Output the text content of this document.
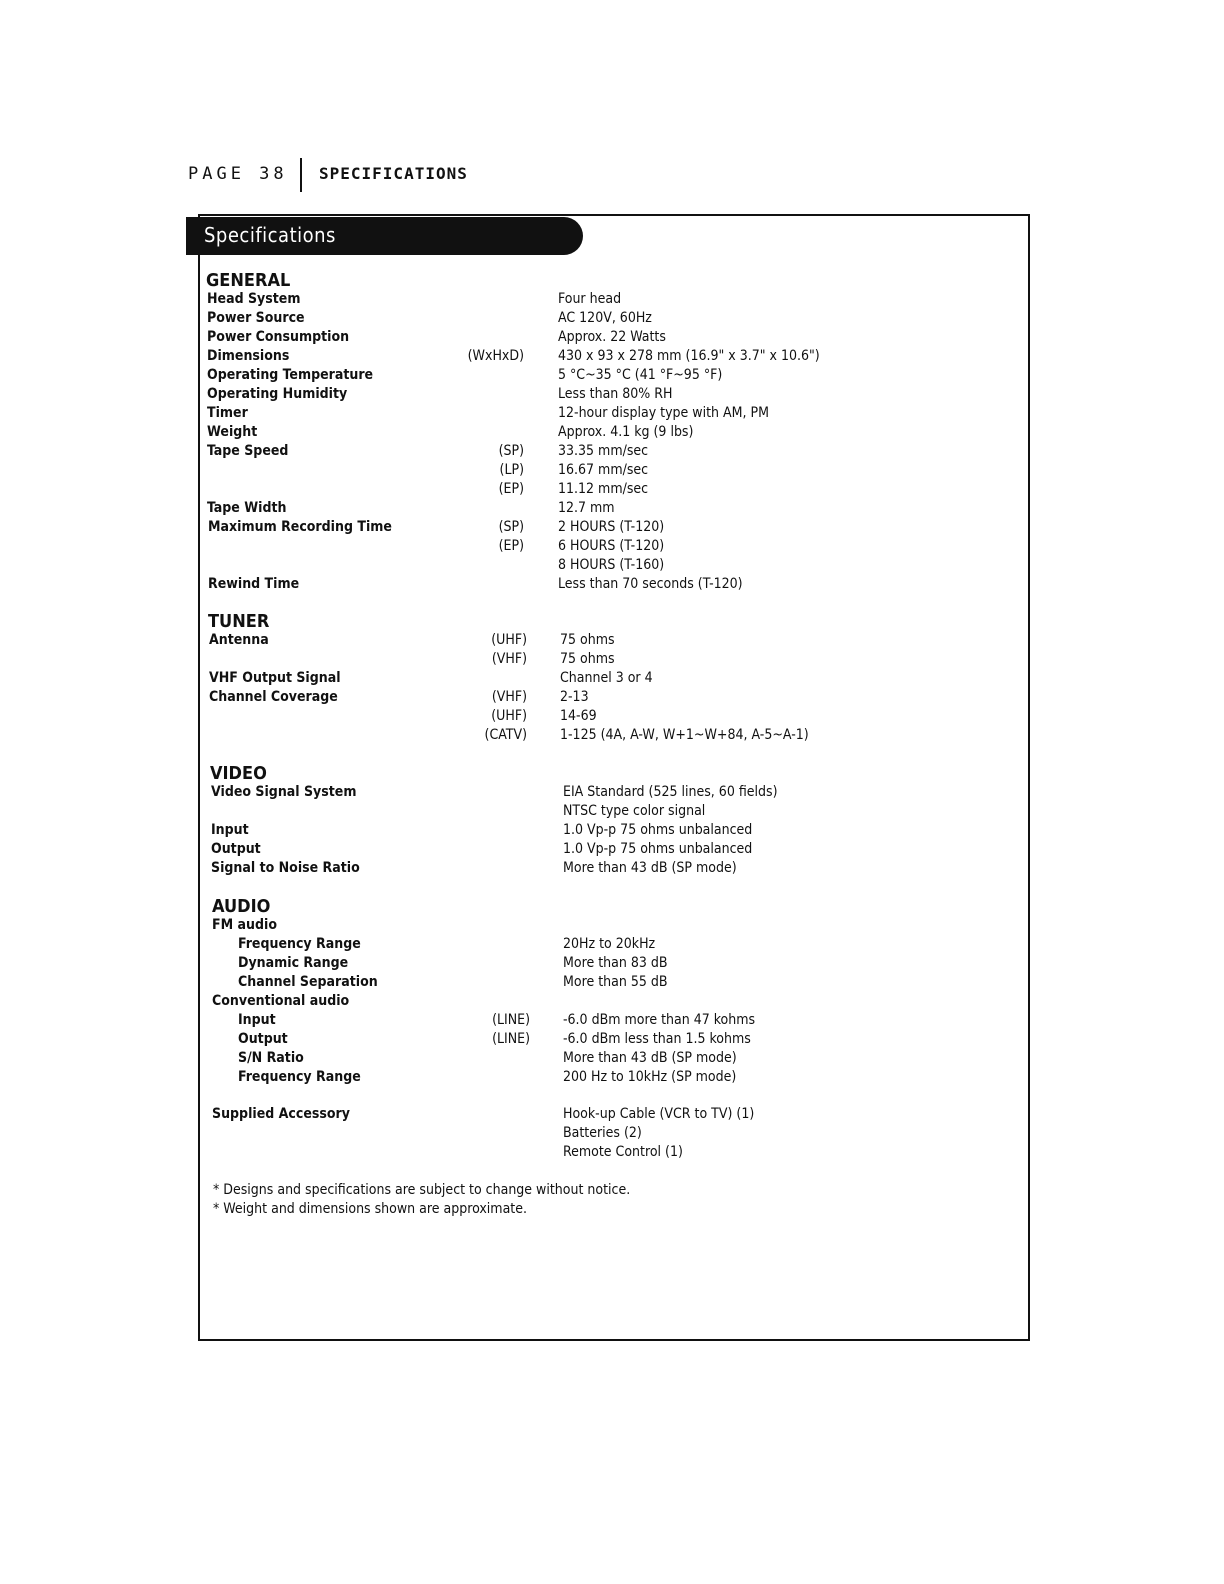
PAGE 38 SPECIFICATIONS
Specifications
GENERAL
TUNER
VIDEO
AUDIO
Head System	Four head
Power Source	AC 120V, 60Hz
Power Consumption	Approx. 22 Watts
Dimensions	(WxHxD) 430 x 93 x 278 mm (16.9" x 3.7" x 10.6")
Operating Temperature	5 °C~35 °C (41 °F~95 °F)
Operating Humidity	Less than 80% RH
Timer	12-hour display type with AM, PM
Weight	Approx. 4.1 kg (9 lbs)
Tape Speed	(SP) 33.35 mm/sec
(LP) 16.67 mm/sec
(EP) 11.12 mm/sec
Tape Width	12.7 mm
Maximum Recording Time	(SP) 2 HOURS (T-120)
(EP) 6 HOURS (T-120)
8 HOURS (T-160)
Rewind Time	Less than 70 seconds (T-120)
Antenna	(UHF) 75 ohms
(VHF) 75 ohms
VHF Output Signal	Channel 3 or 4
Channel Coverage	(VHF) 2-13
(UHF) 14-69
(CATV) 1-125 (4A, A-W, W+1~W+84, A-5~A-1)
Video Signal System	EIA Standard (525 lines, 60 fields)
NTSC type color signal
Input	1.0 Vp-p 75 ohms unbalanced
Output	1.0 Vp-p 75 ohms unbalanced
Signal to Noise Ratio	More than 43 dB (SP mode)
FM audio
Frequency Range	20Hz to 20kHz
Dynamic Range	More than 83 dB
Channel Separation	More than 55 dB
Conventional audio
Input	(LINE) -6.0 dBm more than 47 kohms
Output	(LINE) -6.0 dBm less than 1.5 kohms
S/N Ratio	More than 43 dB (SP mode)
Frequency Range	200 Hz to 10kHz (SP mode)
Supplied Accessory	Hook-up Cable (VCR to TV) (1)
Batteries (2)
Remote Control (1)
* Designs and specifications are subject to change without notice.
* Weight and dimensions shown are approximate.
